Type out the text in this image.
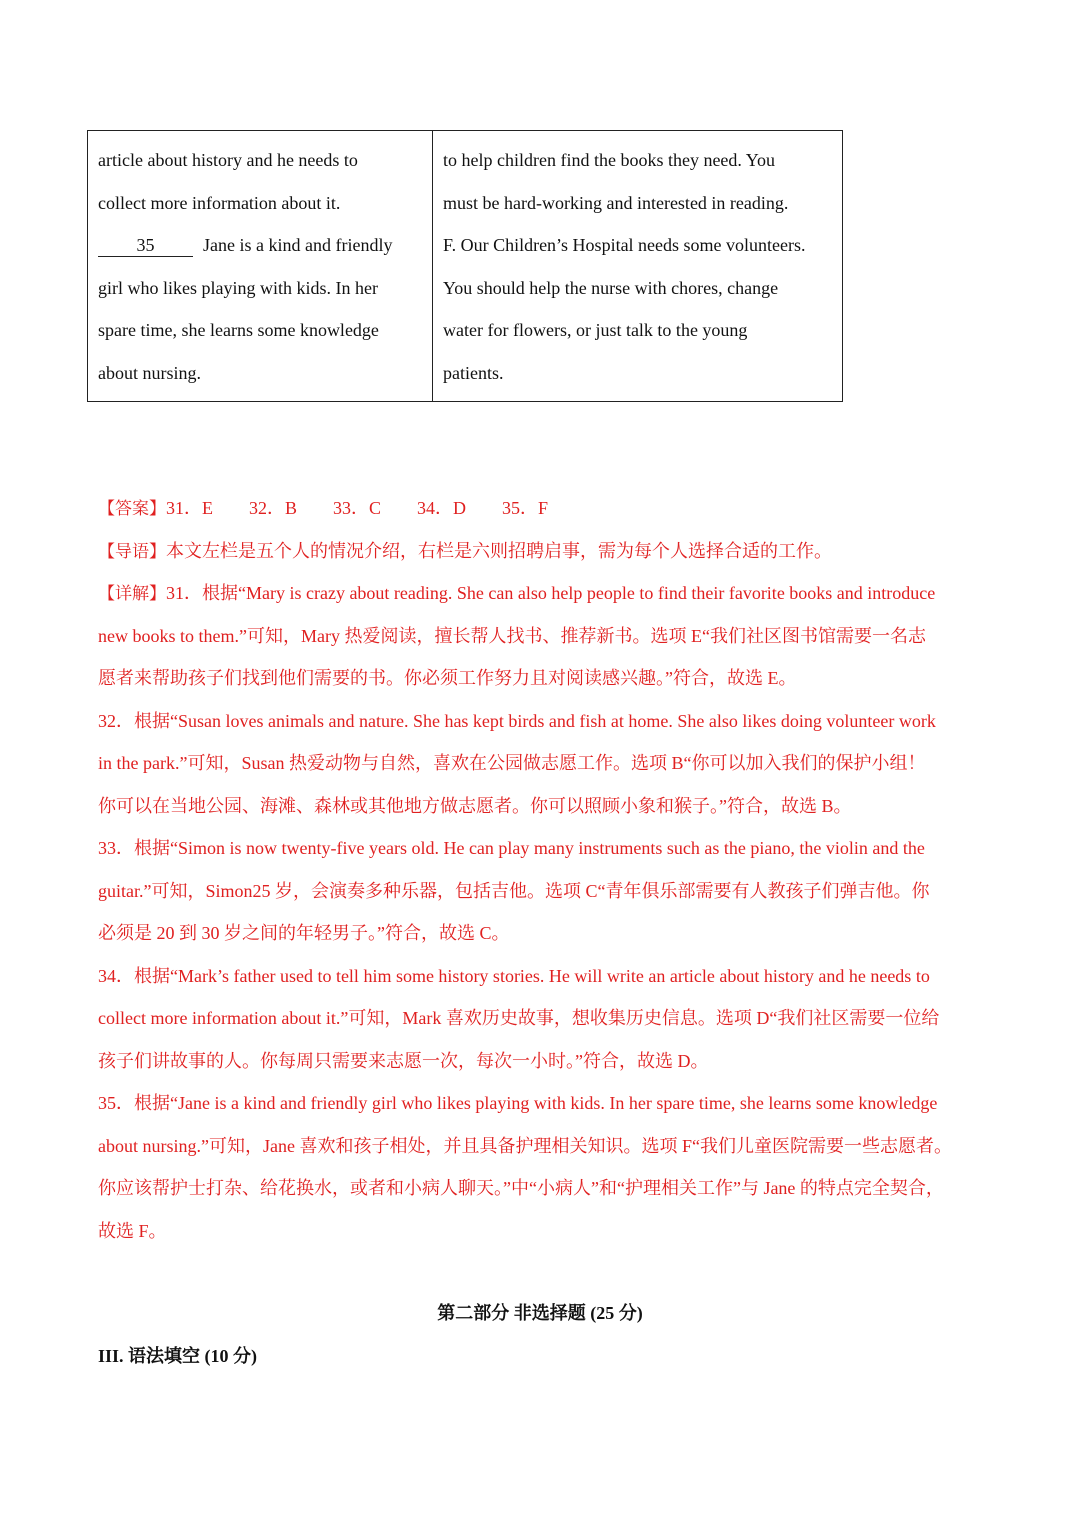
article about history and he needs to
collect more information about it.
35	Jane is a kind and friendly
girl who likes playing with kids. In her
spare time, she learns some knowledge
about nursing.
to help children find the books they need. You
must be hard-working and interested in reading.
F. Our Children’s Hospital needs some volunteers.
You should help the nurse with chores, change
water for flowers, or just talk to the young
patients.
【答案】31．E 32．B 33．C 34．D 35．F
【导语】本文左栏是五个人的情况介绍，右栏是六则招聘启事，需为每个人选择合适的工作。
【详解】31．根据“Mary is crazy about reading. She can also help people to find their favorite books and introduce
new books to them.”可知，Mary 热爱阅读，擅长帮人找书、推荐新书。选项 E“我们社区图书馆需要一名志
愿者来帮助孩子们找到他们需要的书。你必须工作努力且对阅读感兴趣。”符合，故选 E。
32．根据“Susan loves animals and nature. She has kept birds and fish at home. She also likes doing volunteer work
in the park.”可知，Susan 热爱动物与自然，喜欢在公园做志愿工作。选项 B“你可以加入我们的保护小组！
你可以在当地公园、海滩、森林或其他地方做志愿者。你可以照顾小象和猴子。”符合，故选 B。
33．根据“Simon is now twenty-five years old. He can play many instruments such as the piano, the violin and the
guitar.”可知，Simon25 岁，会演奏多种乐器，包括吉他。选项 C“青年俱乐部需要有人教孩子们弹吉他。你
必须是 20 到 30 岁之间的年轻男子。”符合，故选 C。
34．根据“Mark’s father used to tell him some history stories. He will write an article about history and he needs to
collect more information about it.”可知，Mark 喜欢历史故事，想收集历史信息。选项 D“我们社区需要一位给
孩子们讲故事的人。你每周只需要来志愿一次，每次一小时。”符合，故选 D。
35．根据“Jane is a kind and friendly girl who likes playing with kids. In her spare time, she learns some knowledge
about nursing.”可知，Jane 喜欢和孩子相处，并且具备护理相关知识。选项 F“我们儿童医院需要一些志愿者。
你应该帮护士打杂、给花换水，或者和小病人聊天。”中“小病人”和“护理相关工作”与 Jane 的特点完全契合，
故选 F。
第二部分 非选择题 (25 分)
III. 语法填空 (10 分)
